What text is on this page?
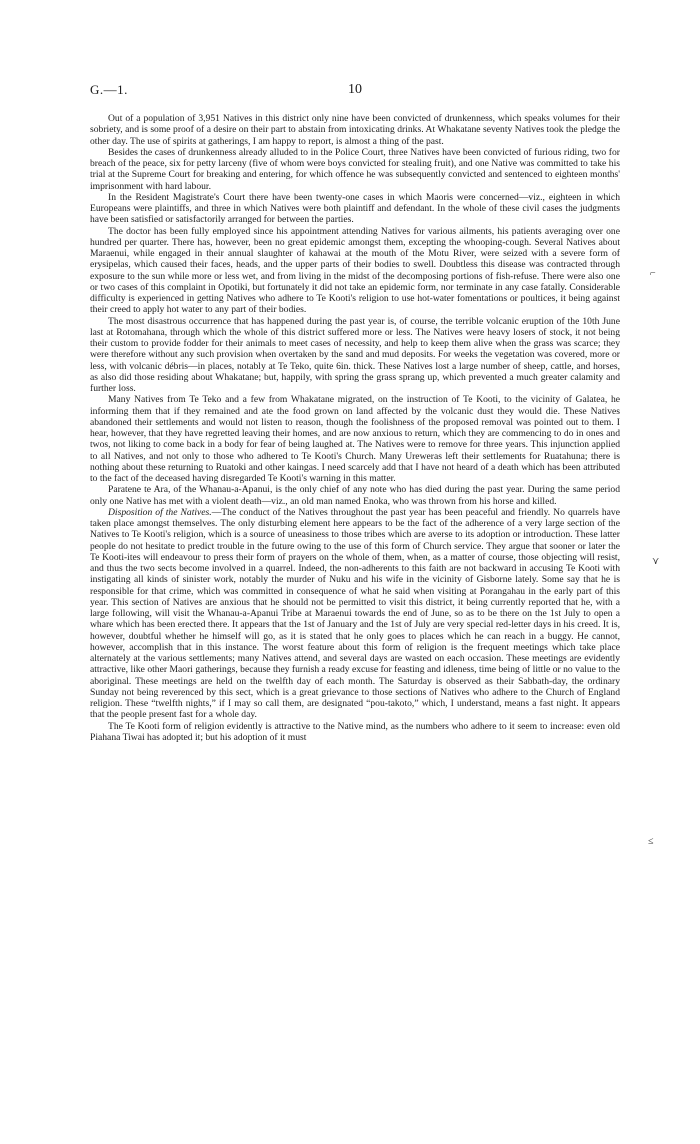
G.—1.	10

Out of a population of 3,951 Natives in this district only nine have been convicted of drunkenness, which speaks volumes for their sobriety, and is some proof of a desire on their part to abstain from intoxicating drinks. At Whakatane seventy Natives took the pledge the other day. The use of spirits at gatherings, I am happy to report, is almost a thing of the past.

Besides the cases of drunkenness already alluded to in the Police Court, three Natives have been convicted of furious riding, two for breach of the peace, six for petty larceny (five of whom were boys convicted for stealing fruit), and one Native was committed to take his trial at the Supreme Court for breaking and entering, for which offence he was subsequently convicted and sentenced to eighteen months' imprisonment with hard labour.

In the Resident Magistrate's Court there have been twenty-one cases in which Maoris were concerned—viz., eighteen in which Europeans were plaintiffs, and three in which Natives were both plaintiff and defendant. In the whole of these civil cases the judgments have been satisfied or satisfactorily arranged for between the parties.

The doctor has been fully employed since his appointment attending Natives for various ailments, his patients averaging over one hundred per quarter. There has, however, been no great epidemic amongst them, excepting the whooping-cough. Several Natives about Maraenui, while engaged in their annual slaughter of kahawai at the mouth of the Motu River, were seized with a severe form of erysipelas, which caused their faces, heads, and the upper parts of their bodies to swell. Doubtless this disease was contracted through exposure to the sun while more or less wet, and from living in the midst of the decomposing portions of fish-refuse. There were also one or two cases of this complaint in Opotiki, but fortunately it did not take an epidemic form, nor terminate in any case fatally. Considerable difficulty is experienced in getting Natives who adhere to Te Kooti's religion to use hot-water fomentations or poultices, it being against their creed to apply hot water to any part of their bodies.

The most disastrous occurrence that has happened during the past year is, of course, the terrible volcanic eruption of the 10th June last at Rotomahana, through which the whole of this district suffered more or less. The Natives were heavy losers of stock, it not being their custom to provide fodder for their animals to meet cases of necessity, and help to keep them alive when the grass was scarce; they were therefore without any such provision when overtaken by the sand and mud deposits. For weeks the vegetation was covered, more or less, with volcanic débris—in places, notably at Te Teko, quite 6in. thick. These Natives lost a large number of sheep, cattle, and horses, as also did those residing about Whakatane; but, happily, with spring the grass sprang up, which prevented a much greater calamity and further loss.

Many Natives from Te Teko and a few from Whakatane migrated, on the instruction of Te Kooti, to the vicinity of Galatea, he informing them that if they remained and ate the food grown on land affected by the volcanic dust they would die. These Natives abandoned their settlements and would not listen to reason, though the foolishness of the proposed removal was pointed out to them. I hear, however, that they have regretted leaving their homes, and are now anxious to return, which they are commencing to do in ones and twos, not liking to come back in a body for fear of being laughed at. The Natives were to remove for three years. This injunction applied to all Natives, and not only to those who adhered to Te Kooti's Church. Many Ureweras left their settlements for Ruatahuna; there is nothing about these returning to Ruatoki and other kaingas. I need scarcely add that I have not heard of a death which has been attributed to the fact of the deceased having disregarded Te Kooti's warning in this matter.

Paratene te Ara, of the Whanau-a-Apanui, is the only chief of any note who has died during the past year. During the same period only one Native has met with a violent death—viz., an old man named Enoka, who was thrown from his horse and killed.

Disposition of the Natives.—The conduct of the Natives throughout the past year has been peaceful and friendly. No quarrels have taken place amongst themselves. The only disturbing element here appears to be the fact of the adherence of a very large section of the Natives to Te Kooti's religion, which is a source of uneasiness to those tribes which are averse to its adoption or introduction. These latter people do not hesitate to predict trouble in the future owing to the use of this form of Church service. They argue that sooner or later the Te Kooti-ites will endeavour to press their form of prayers on the whole of them, when, as a matter of course, those objecting will resist, and thus the two sects become involved in a quarrel. Indeed, the non-adherents to this faith are not backward in accusing Te Kooti with instigating all kinds of sinister work, notably the murder of Nuku and his wife in the vicinity of Gisborne lately. Some say that he is responsible for that crime, which was committed in consequence of what he said when visiting at Porangahau in the early part of this year. This section of Natives are anxious that he should not be permitted to visit this district, it being currently reported that he, with a large following, will visit the Whanau-a-Apanui Tribe at Maraenui towards the end of June, so as to be there on the 1st July to open a whare which has been erected there. It appears that the 1st of January and the 1st of July are very special red-letter days in his creed. It is, however, doubtful whether he himself will go, as it is stated that he only goes to places which he can reach in a buggy. He cannot, however, accomplish that in this instance. The worst feature about this form of religion is the frequent meetings which take place alternately at the various settlements; many Natives attend, and several days are wasted on each occasion. These meetings are evidently attractive, like other Maori gatherings, because they furnish a ready excuse for feasting and idleness, time being of little or no value to the aboriginal. These meetings are held on the twelfth day of each month. The Saturday is observed as their Sabbath-day, the ordinary Sunday not being reverenced by this sect, which is a great grievance to those sections of Natives who adhere to the Church of England religion. These “twelfth nights,” if I may so call them, are designated “pou-takoto,” which, I understand, means a fast night. It appears that the people present fast for a whole day.

The Te Kooti form of religion evidently is attractive to the Native mind, as the numbers who adhere to it seem to increase: even old Piahana Tiwai has adopted it; but his adoption of it must

⌐
⋎
≤
